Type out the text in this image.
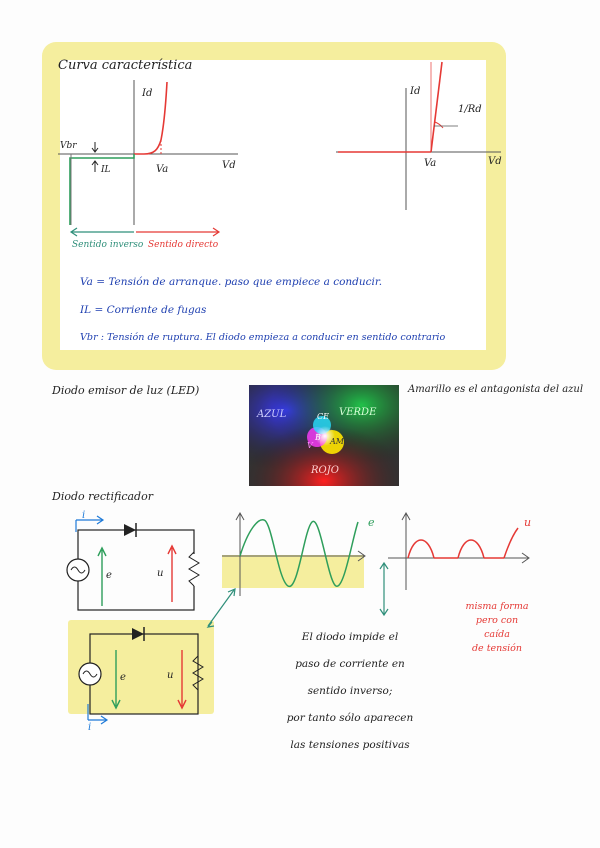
Curva característica
Id
Vd
Va
Vbr
IL
Sentido inverso Sentido directo
Id
Vd
Va
1/Rd
Va = Tensión de arranque. paso que empiece a conducir.
IL = Corriente de fugas
Vbr : Tensión de ruptura. El diodo empieza a conducir en sentido contrario
Diodo emisor de luz (LED)	Amarillo es el antagonista del azul
AZUL	VERDE
ROJO
CE
B AM
V
Diodo rectificador
i
e	u
e	u
i
e	u
misma forma
pero con caída
de tensión
El diodo impide el
paso de corriente en
sentido inverso;
por tanto sólo aparecen
las tensiones positivas
